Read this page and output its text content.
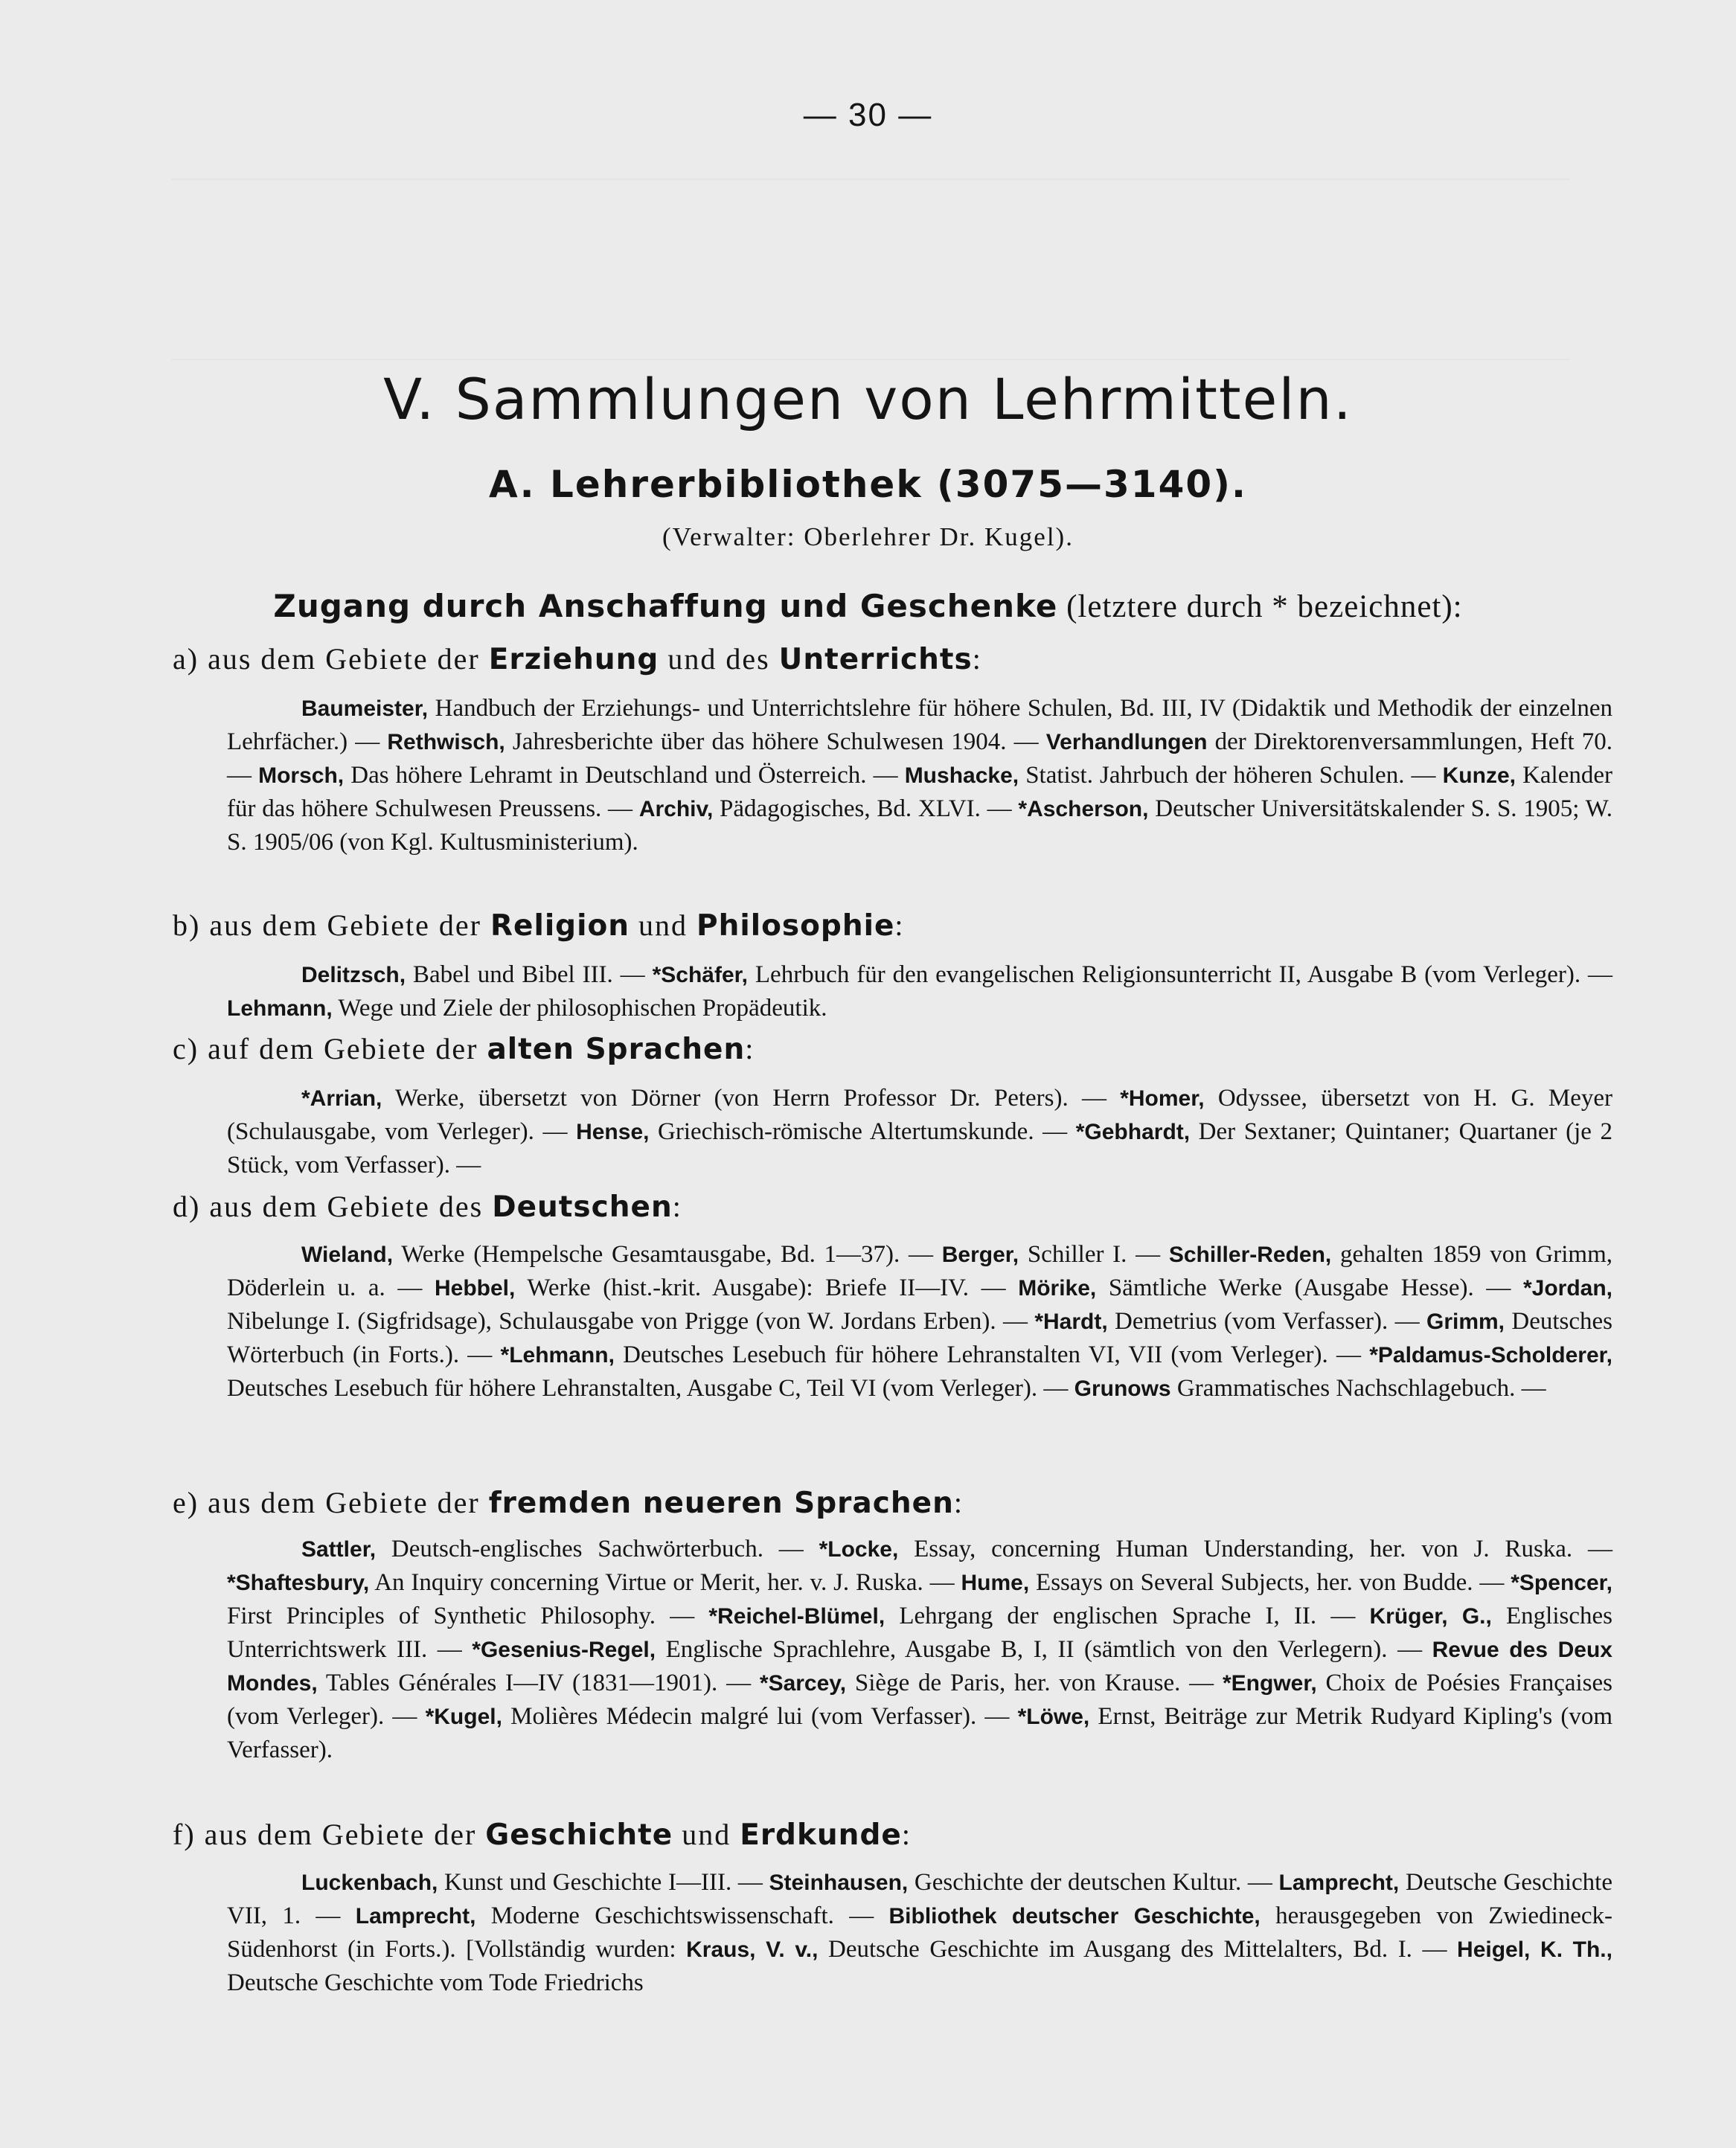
— 30 —
V. Sammlungen von Lehrmitteln.
A. Lehrerbibliothek (3075—3140).
(Verwalter: Oberlehrer Dr. Kugel).
Zugang durch Anschaffung und Geschenke (letztere durch * bezeichnet):
a) aus dem Gebiete der Erziehung und des Unterrichts:

Baumeister, Handbuch der Erziehungs- und Unterrichtslehre für höhere Schulen, Bd. III, IV (Didaktik und Methodik der einzelnen Lehrfächer.) — Rethwisch, Jahresberichte über das höhere Schulwesen 1904. — Verhandlungen der Direktorenversammlungen, Heft 70. — Morsch, Das höhere Lehramt in Deutschland und Österreich. — Mushacke, Statist. Jahrbuch der höheren Schulen. — Kunze, Kalender für das höhere Schulwesen Preussens. — Archiv, Pädagogisches, Bd. XLVI. — *Ascherson, Deutscher Universitätskalender S. S. 1905; W. S. 1905/06 (von Kgl. Kultusministerium).

b) aus dem Gebiete der Religion und Philosophie:

Delitzsch, Babel und Bibel III. — *Schäfer, Lehrbuch für den evangelischen Religionsunterricht II, Ausgabe B (vom Verleger). — Lehmann, Wege und Ziele der philosophischen Propädeutik.

c) auf dem Gebiete der alten Sprachen:

*Arrian, Werke, übersetzt von Dörner (von Herrn Professor Dr. Peters). — *Homer, Odyssee, übersetzt von H. G. Meyer (Schulausgabe, vom Verleger). — Hense, Griechisch-römische Altertumskunde. — *Gebhardt, Der Sextaner; Quintaner; Quartaner (je 2 Stück, vom Verfasser). —

d) aus dem Gebiete des Deutschen:

Wieland, Werke (Hempelsche Gesamtausgabe, Bd. 1—37). — Berger, Schiller I. — Schiller-Reden, gehalten 1859 von Grimm, Döderlein u. a. — Hebbel, Werke (hist.-krit. Ausgabe): Briefe II—IV. — Mörike, Sämtliche Werke (Ausgabe Hesse). — *Jordan, Nibelunge I. (Sigfridsage), Schulausgabe von Prigge (von W. Jordans Erben). — *Hardt, Demetrius (vom Verfasser). — Grimm, Deutsches Wörterbuch (in Forts.). — *Lehmann, Deutsches Lesebuch für höhere Lehranstalten VI, VII (vom Verleger). — *Paldamus-Scholderer, Deutsches Lesebuch für höhere Lehranstalten, Ausgabe C, Teil VI (vom Verleger). — Grunows Grammatisches Nachschlagebuch. —

e) aus dem Gebiete der fremden neueren Sprachen:

Sattler, Deutsch-englisches Sachwörterbuch. — *Locke, Essay, concerning Human Understanding, her. von J. Ruska. — *Shaftesbury, An Inquiry concerning Virtue or Merit, her. v. J. Ruska. — Hume, Essays on Several Subjects, her. von Budde. — *Spencer, First Principles of Synthetic Philosophy. — *Reichel-Blümel, Lehrgang der englischen Sprache I, II. — Krüger, G., Englisches Unterrichtswerk III. — *Gesenius-Regel, Englische Sprachlehre, Ausgabe B, I, II (sämtlich von den Verlegern). — Revue des Deux Mondes, Tables Générales I—IV (1831—1901). — *Sarcey, Siège de Paris, her. von Krause. — *Engwer, Choix de Poésies Françaises (vom Verleger). — *Kugel, Molières Médecin malgré lui (vom Verfasser). — *Löwe, Ernst, Beiträge zur Metrik Rudyard Kipling's (vom Verfasser).

f) aus dem Gebiete der Geschichte und Erdkunde:

Luckenbach, Kunst und Geschichte I—III. — Steinhausen, Geschichte der deutschen Kultur. — Lamprecht, Deutsche Geschichte VII, 1. — Lamprecht, Moderne Geschichtswissenschaft. — Bibliothek deutscher Geschichte, herausgegeben von Zwiedineck-Südenhorst (in Forts.). [Vollständig wurden: Kraus, V. v., Deutsche Geschichte im Ausgang des Mittelalters, Bd. I. — Heigel, K. Th., Deutsche Geschichte vom Tode Friedrichs
